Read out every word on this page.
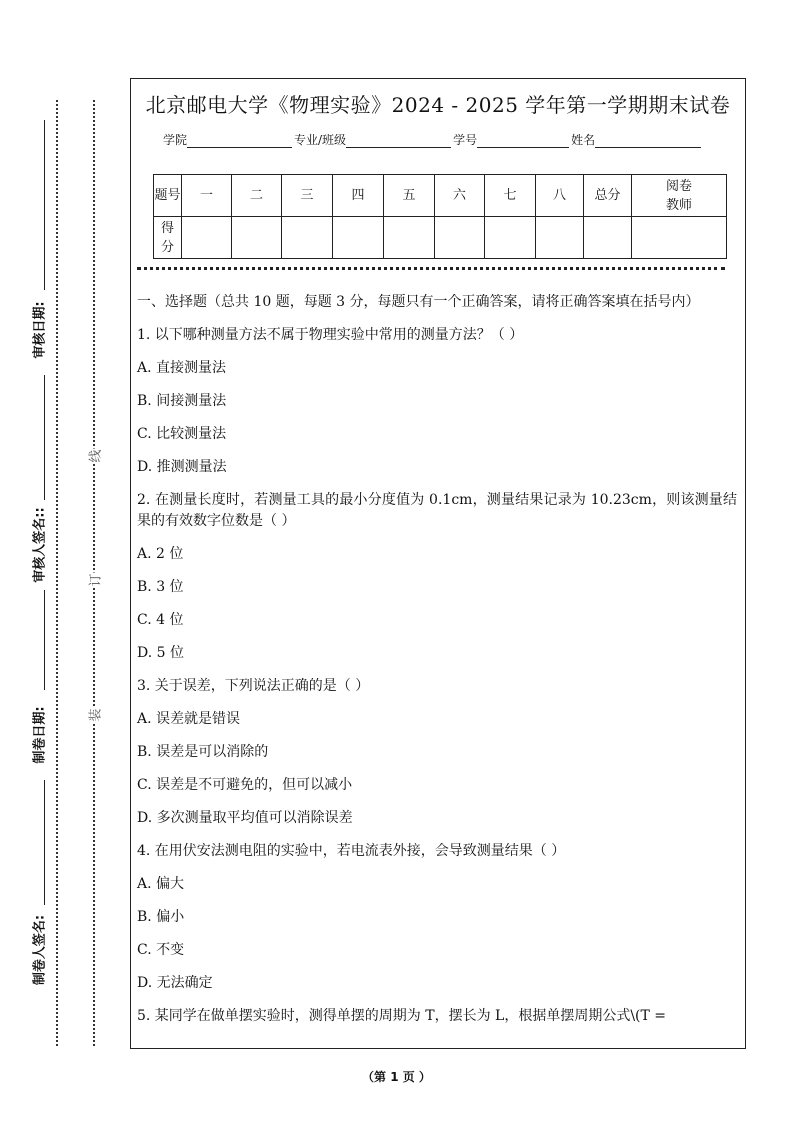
审核日期:
审核人签名::
制卷日期:
制卷人签名:
线
订
装
北京邮电大学《物理实验》2024 - 2025 学年第一学期期末试卷
学院	专业/班级	学号	姓名
题号	一	二	三	四	五	六	七	八	总分	阅卷教师
得分										

一、选择题（总共 10 题，每题 3 分，每题只有一个正确答案，请将正确答案填在括号内）

1. 以下哪种测量方法不属于物理实验中常用的测量方法？（ ）

A. 直接测量法

B. 间接测量法

C. 比较测量法

D. 推测测量法

2. 在测量长度时，若测量工具的最小分度值为 0.1cm，测量结果记录为 10.23cm，则该测量结果的有效数字位数是（ ）

A. 2 位

B. 3 位

C. 4 位

D. 5 位

3. 关于误差，下列说法正确的是（ ）

A. 误差就是错误

B. 误差是可以消除的

C. 误差是不可避免的，但可以减小

D. 多次测量取平均值可以消除误差

4. 在用伏安法测电阻的实验中，若电流表外接，会导致测量结果（ ）

A. 偏大

B. 偏小

C. 不变

D. 无法确定

5. 某同学在做单摆实验时，测得单摆的周期为 T，摆长为 L，根据单摆周期公式\(T =

（第 1 页 ）
